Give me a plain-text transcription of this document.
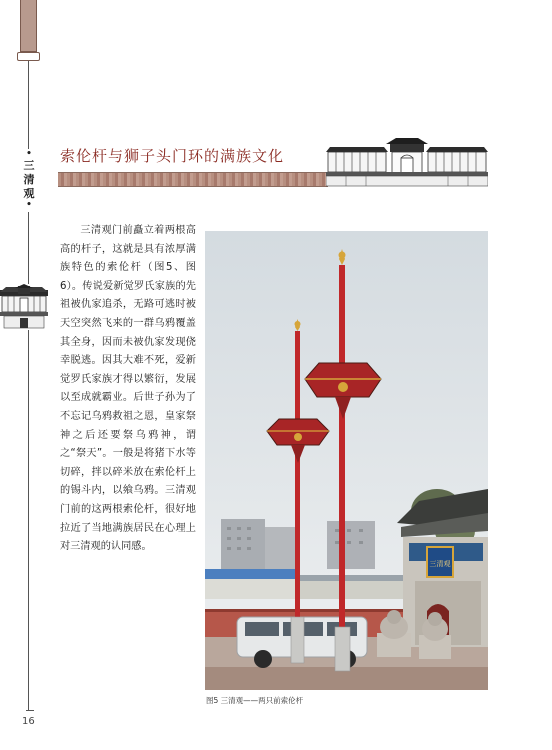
•
三
清
观
•
16
索伦杆与狮子头门环的满族文化

三清观门前矗立着两根高高的杆子，这就是具有浓厚满族特色的索伦杆（图5、图6）。传说爱新觉罗氏家族的先祖被仇家追杀，无路可逃时被天空突然飞来的一群乌鸦覆盖其全身，因而未被仇家发现侥幸脱逃。因其大难不死，爱新觉罗氏家族才得以繁衍，发展以至成就霸业。后世子孙为了不忘记乌鸦救祖之恩，皇家祭神之后还要祭乌鸦神，谓之“祭天”。一般是将猪下水等切碎，拌以碎米放在索伦杆上的锡斗内，以飨乌鸦。三清观门前的这两根索伦杆，很好地拉近了当地满族居民在心理上对三清观的认同感。

三清观
图5 三清观——两只前索伦杆
